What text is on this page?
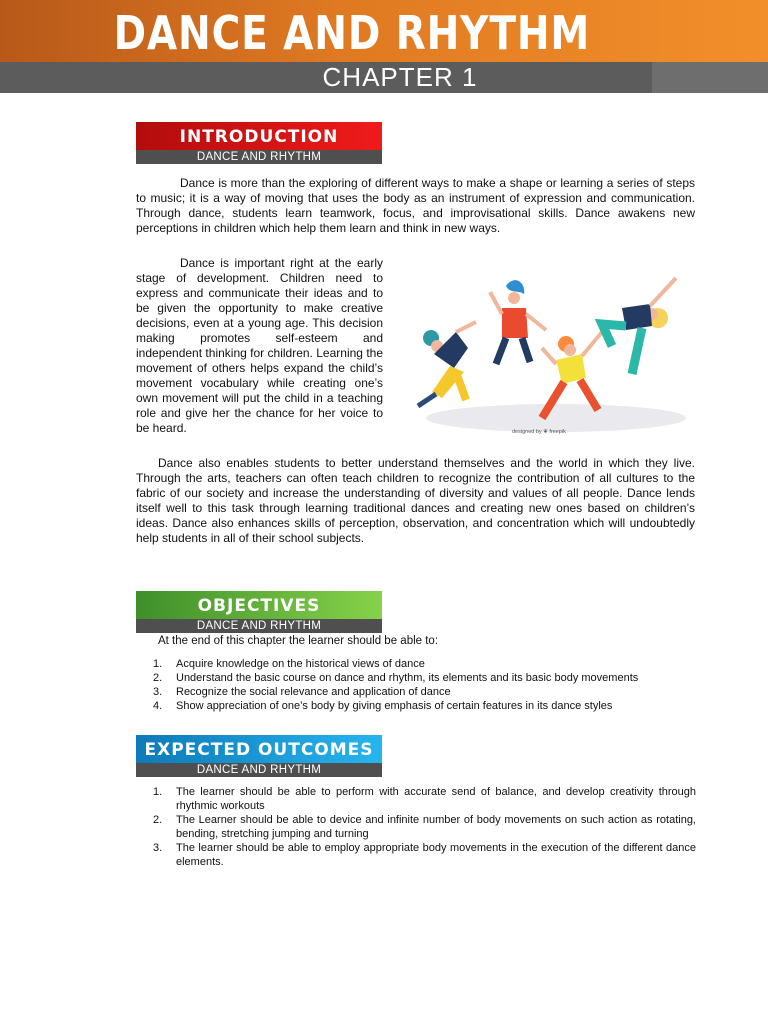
DANCE AND RHYTHM
CHAPTER 1
INTRODUCTION
DANCE AND RHYTHM

Dance is more than the exploring of different ways to make a shape or learning a series of steps to music; it is a way of moving that uses the body as an instrument of expression and communication. Through dance, students learn teamwork, focus, and improvisational skills. Dance awakens new perceptions in children which help them learn and think in new ways.

Dance is important right at the early stage of development. Children need to express and communicate their ideas and to be given the opportunity to make creative decisions, even at a young age. This decision making promotes self-esteem and independent thinking for children. Learning the movement of others helps expand the child’s movement vocabulary while creating one’s own movement will put the child in a teaching role and give her the chance for her voice to be heard.	designed by ❦ freepik

Dance also enables students to better understand themselves and the world in which they live. Through the arts, teachers can often teach children to recognize the contribution of all cultures to the fabric of our society and increase the understanding of diversity and values of all people. Dance lends itself well to this task through learning traditional dances and creating new ones based on children’s ideas. Dance also enhances skills of perception, observation, and concentration which will undoubtedly help students in all of their school subjects.

OBJECTIVES
DANCE AND RHYTHM
At the end of this chapter the learner should be able to:
1. Acquire knowledge on the historical views of dance
2. Understand the basic course on dance and rhythm, its elements and its basic body movements
3. Recognize the social relevance and application of dance
4. Show appreciation of one’s body by giving emphasis of certain features in its dance styles
EXPECTED OUTCOMES
DANCE AND RHYTHM
1. The learner should be able to perform with accurate send of balance, and develop creativity through rhythmic workouts
2. The Learner should be able to device and infinite number of body movements on such action as rotating, bending, stretching jumping and turning
3. The learner should be able to employ appropriate body movements in the execution of the different dance elements.
